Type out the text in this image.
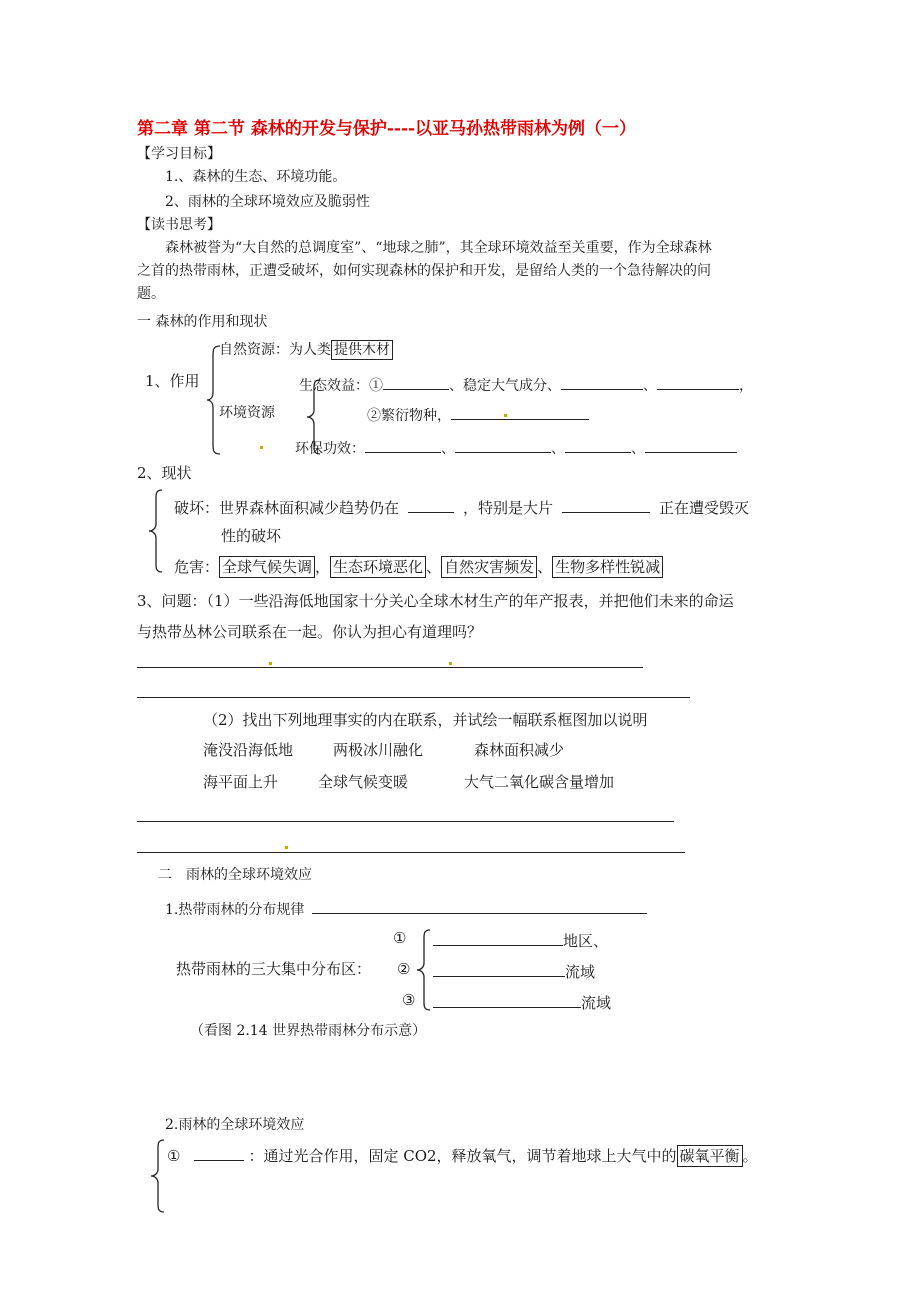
第二章 第二节 森林的开发与保护----以亚马孙热带雨林为例（一）
【学习目标】
1.、森林的生态、环境功能。
2、雨林的全球环境效应及脆弱性
【读书思考】
森林被誉为“大自然的总调度室”、“地球之肺”，其全球环境效益至关重要，作为全球森林
之首的热带雨林，正遭受破坏，如何实现森林的保护和开发，是留给人类的一个急待解决的问
题。
一 森林的作用和现状
1、作用
自然资源：为人类 提供木材
生态效益：①	、稳定大气成分、	、	，
环境资源	②繁衍物种，
环保功效：	、	、	、
2、现状
破坏：世界森林面积减少趋势仍在	，特别是大片	正在遭受毁灭
性的破坏
危害： 全球气候失调 ， 生态环境恶化 、 自然灾害频发 、 生物多样性锐减
3、问题：（1）一些沿海低地国家十分关心全球木材生产的年产报表，并把他们未来的命运
与热带丛林公司联系在一起。你认为担心有道理吗？
（2）找出下列地理事实的内在联系，并试绘一幅联系框图加以说明
淹没沿海低地	两极冰川融化	森林面积减少
海平面上升	全球气候变暖	大气二氧化碳含量增加
二　雨林的全球环境效应
1.热带雨林的分布规律
热带雨林的三大集中分布区：
①	地区、
②	流域
③	流域
（看图 2.14 世界热带雨林分布示意）
2.雨林的全球环境效应
①	：通过光合作用，固定 CO2，释放氧气，调节着地球上大气中的 碳氧平衡 。
